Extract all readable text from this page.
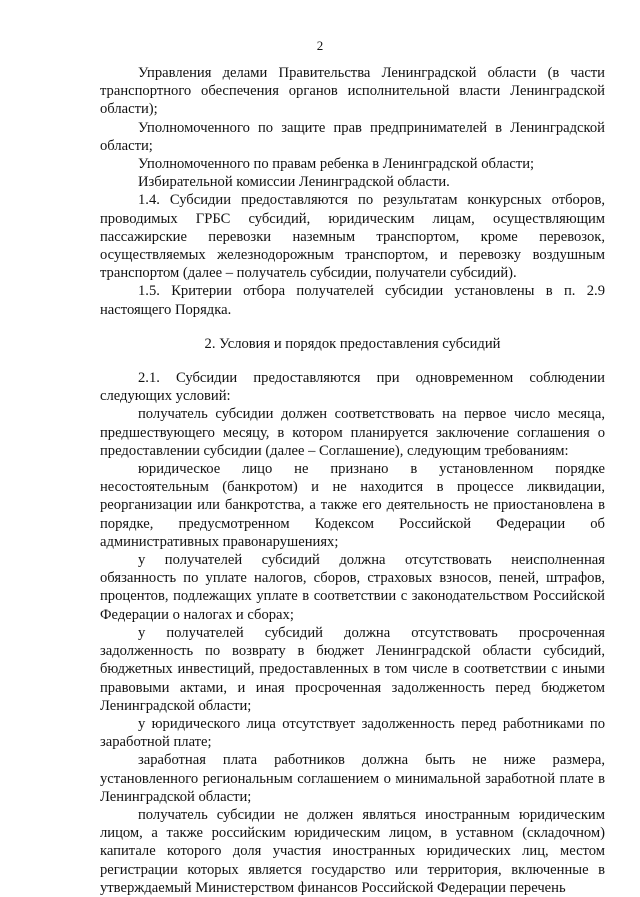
2

Управления делами Правительства Ленинградской области (в части транспортного обеспечения органов исполнительной власти Ленинградской области);

Уполномоченного по защите прав предпринимателей в Ленинградской области;

Уполномоченного по правам ребенка в Ленинградской области;

Избирательной комиссии Ленинградской области.

1.4. Субсидии предоставляются по результатам конкурсных отборов, проводимых ГРБС субсидий, юридическим лицам, осуществляющим пассажирские перевозки наземным транспортом, кроме перевозок, осуществляемых железнодорожным транспортом, и перевозку воздушным транспортом (далее – получатель субсидии, получатели субсидий).

1.5. Критерии отбора получателей субсидии установлены в п. 2.9 настоящего Порядка.

2. Условия и порядок предоставления субсидий

2.1. Субсидии предоставляются при одновременном соблюдении следующих условий:

получатель субсидии должен соответствовать на первое число месяца, предшествующего месяцу, в котором планируется заключение соглашения о предоставлении субсидии (далее – Соглашение), следующим требованиям:

юридическое лицо не признано в установленном порядке несостоятельным (банкротом) и не находится в процессе ликвидации, реорганизации или банкротства, а также его деятельность не приостановлена в порядке, предусмотренном Кодексом Российской Федерации об административных правонарушениях;

у получателей субсидий должна отсутствовать неисполненная обязанность по уплате налогов, сборов, страховых взносов, пеней, штрафов, процентов, подлежащих уплате в соответствии с законодательством Российской Федерации о налогах и сборах;

у получателей субсидий должна отсутствовать просроченная задолженность по возврату в бюджет Ленинградской области субсидий, бюджетных инвестиций, предоставленных в том числе в соответствии с иными правовыми актами, и иная просроченная задолженность перед бюджетом Ленинградской области;

у юридического лица отсутствует задолженность перед работниками по заработной плате;

заработная плата работников должна быть не ниже размера, установленного региональным соглашением о минимальной заработной плате в Ленинградской области;

получатель субсидии не должен являться иностранным юридическим лицом, а также российским юридическим лицом, в уставном (складочном) капитале которого доля участия иностранных юридических лиц, местом регистрации которых является государство или территория, включенные в утверждаемый Министерством финансов Российской Федерации перечень
